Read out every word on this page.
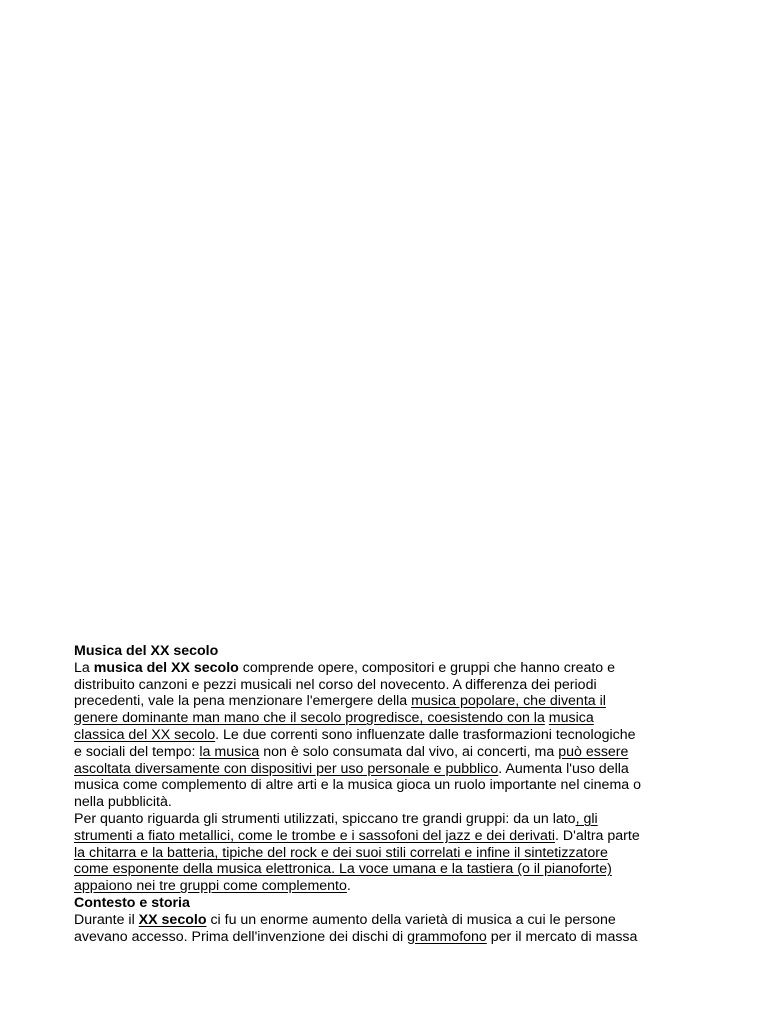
Musica del XX secolo
La musica del XX secolo comprende opere, compositori e gruppi che hanno creato e
distribuito canzoni e pezzi musicali nel corso del novecento. A differenza dei periodi
precedenti, vale la pena menzionare l'emergere della musica popolare, che diventa il
genere dominante man mano che il secolo progredisce, coesistendo con la musica
classica del XX secolo. Le due correnti sono influenzate dalle trasformazioni tecnologiche
e sociali del tempo: la musica non è solo consumata dal vivo, ai concerti, ma può essere
ascoltata diversamente con dispositivi per uso personale e pubblico. Aumenta l'uso della
musica come complemento di altre arti e la musica gioca un ruolo importante nel cinema o
nella pubblicità.
Per quanto riguarda gli strumenti utilizzati, spiccano tre grandi gruppi: da un lato, gli
strumenti a fiato metallici, come le trombe e i sassofoni del jazz e dei derivati. D'altra parte
la chitarra e la batteria, tipiche del rock e dei suoi stili correlati e infine il sintetizzatore
come esponente della musica elettronica. La voce umana e la tastiera (o il pianoforte)
appaiono nei tre gruppi come complemento.
Contesto e storia
Durante il XX secolo ci fu un enorme aumento della varietà di musica a cui le persone
avevano accesso. Prima dell'invenzione dei dischi di grammofono per il mercato di massa
